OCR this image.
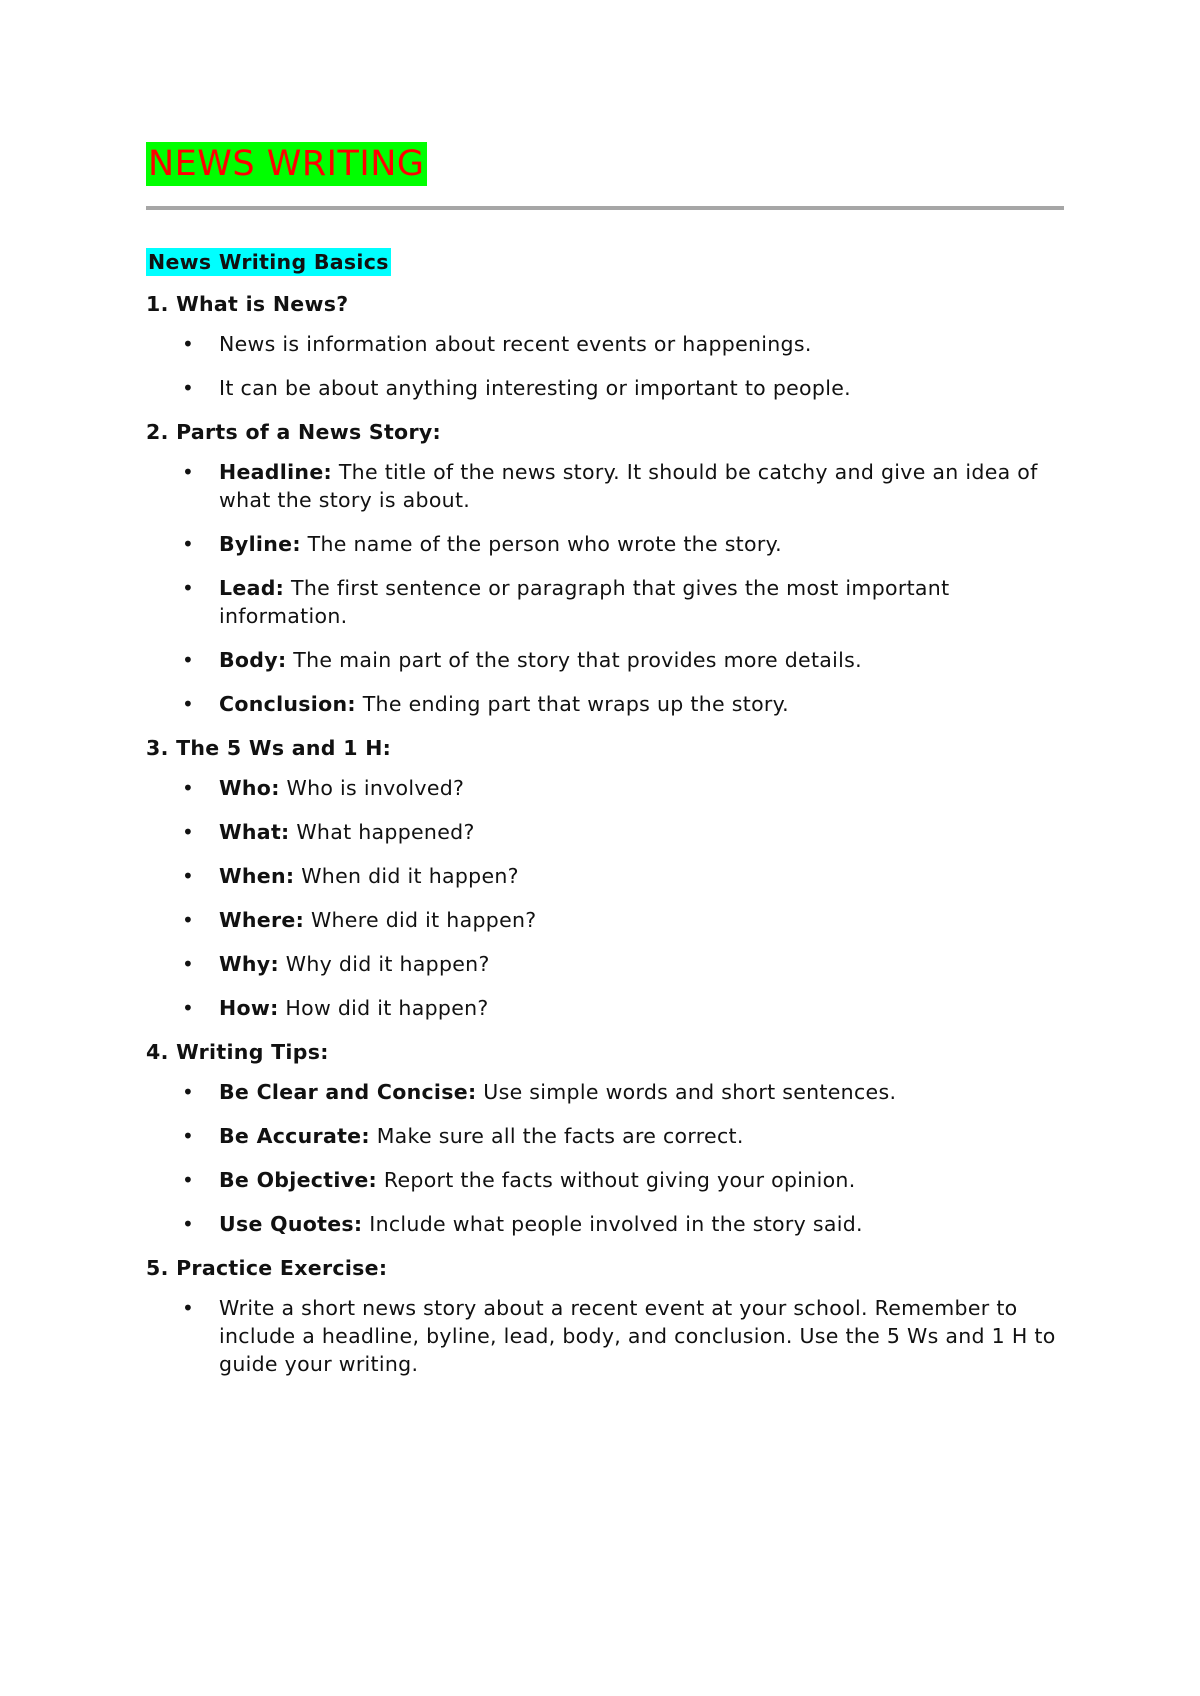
NEWS WRITING
News Writing Basics

1. What is News?

• News is information about recent events or happenings.
• It can be about anything interesting or important to people.

2. Parts of a News Story:

• Headline: The title of the news story. It should be catchy and give an idea of what the story is about.
• Byline: The name of the person who wrote the story.
• Lead: The first sentence or paragraph that gives the most important information.
• Body: The main part of the story that provides more details.
• Conclusion: The ending part that wraps up the story.

3. The 5 Ws and 1 H:

• Who: Who is involved?
• What: What happened?
• When: When did it happen?
• Where: Where did it happen?
• Why: Why did it happen?
• How: How did it happen?

4. Writing Tips:

• Be Clear and Concise: Use simple words and short sentences.
• Be Accurate: Make sure all the facts are correct.
• Be Objective: Report the facts without giving your opinion.
• Use Quotes: Include what people involved in the story said.

5. Practice Exercise:

• Write a short news story about a recent event at your school. Remember to include a headline, byline, lead, body, and conclusion. Use the 5 Ws and 1 H to guide your writing.
